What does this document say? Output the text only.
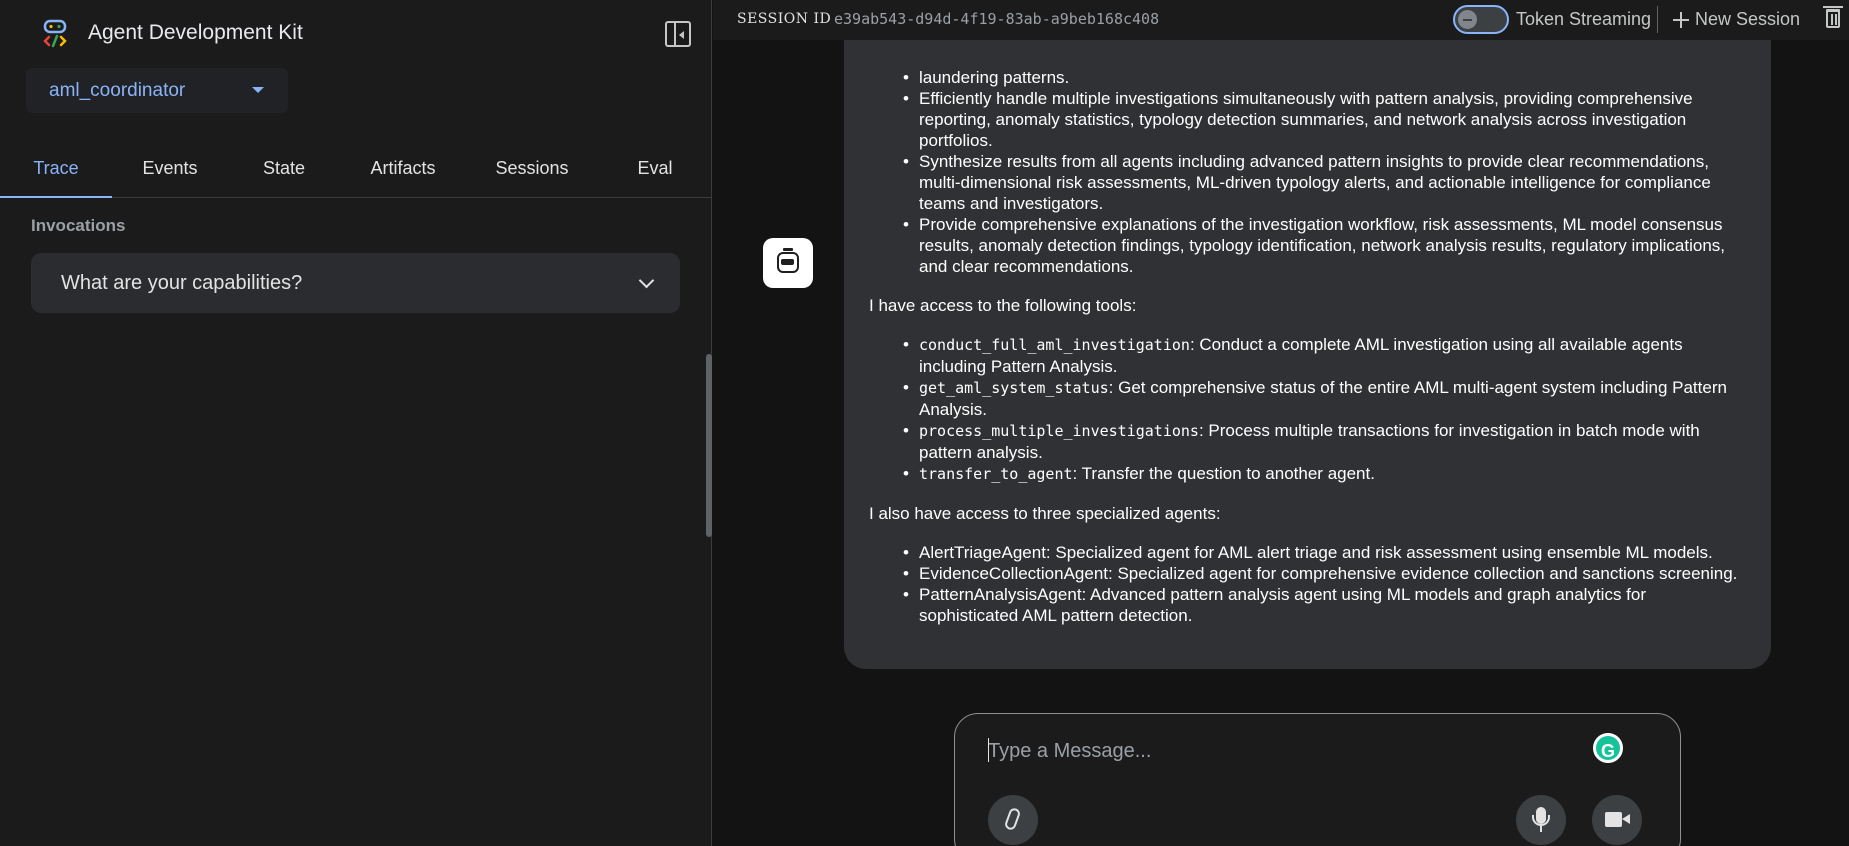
Agent Development Kit
aml_coordinator
Trace	Events	State	Artifacts	Sessions	Eval
Invocations
What are your capabilities?
• laundering patterns.
• Efficiently handle multiple investigations simultaneously with pattern analysis, providing comprehensive reporting, anomaly statistics, typology detection summaries, and network analysis across investigation portfolios.
• Synthesize results from all agents including advanced pattern insights to provide clear recommendations, multi-dimensional risk assessments, ML-driven typology alerts, and actionable intelligence for compliance teams and investigators.
• Provide comprehensive explanations of the investigation workflow, risk assessments, ML model consensus results, anomaly detection findings, typology identification, network analysis results, regulatory implications, and clear recommendations.

I have access to the following tools:

• conduct_full_aml_investigation: Conduct a complete AML investigation using all available agents including Pattern Analysis.
• get_aml_system_status: Get comprehensive status of the entire AML multi-agent system including Pattern Analysis.
• process_multiple_investigations: Process multiple transactions for investigation in batch mode with pattern analysis.
• transfer_to_agent: Transfer the question to another agent.

I also have access to three specialized agents:

• AlertTriageAgent: Specialized agent for AML alert triage and risk assessment using ensemble ML models.
• EvidenceCollectionAgent: Specialized agent for comprehensive evidence collection and sanctions screening.
• PatternAnalysisAgent: Advanced pattern analysis agent using ML models and graph analytics for sophisticated AML pattern detection.
SESSION ID e39ab543-d94d-4f19-83ab-a9beb168c408	Token Streaming New Session
Type a Message...
G
